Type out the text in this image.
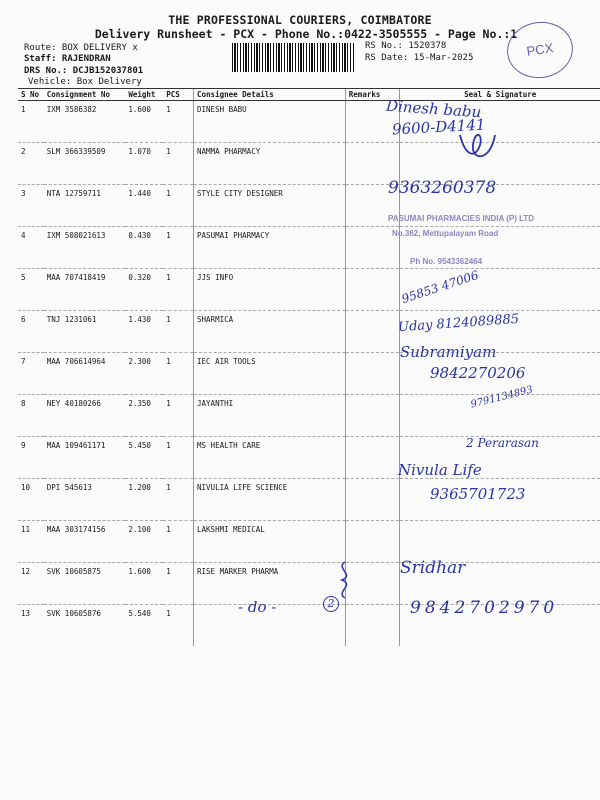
THE PROFESSIONAL COURIERS, COIMBATORE
Delivery Runsheet - PCX - Phone No.:0422-3505555 - Page No.:1
Route: BOX DELIVERY x
Staff: RAJENDRAN
DRS No.: DCJB152037801
Vehicle: Box Delivery
RS No.: 1520378
RS Date: 15-Mar-2025	PCX
S No	Consignment No	Weight	PCS	Consignee Details	Remarks	Seal & Signature
1	IXM 3586382	1.600	1	DINESH BABU		
2	SLM 366339509	1.070	1	NAMMA PHARMACY		
3	NTA 12759711	1.440	1	STYLE CITY DESIGNER		
4	IXM 508021613	0.430	1	PASUMAI PHARMACY		
5	MAA 707418419	0.320	1	JJS INFO		
6	TNJ 1231061	1.430	1	SHARMICA		
7	MAA 706614964	2.300	1	IEC AIR TOOLS		
8	NEY 40180266	2.350	1	JAYANTHI		
9	MAA 109461171	5.450	1	MS HEALTH CARE		
10	DPI 545613	1.200	1	NIVULIA LIFE SCIENCE		
11	MAA 303174156	2.100	1	LAKSHMI MEDICAL		
12	SVK 10605875	1.600	1	RISE MARKER PHARMA		
13	SVK 10605876	5.540	1			
Dinesh babu
9600-D4141
9363260378
PASUMAI PHARMACIES INDIA (P) LTD
No.362, Mettupalayam Road
Ph No. 9543362464
95853 47006
Uday 8124089885
Subramiyam
9842270206
9791134893
2 Perarasan
Nivula Life
9365701723
Sridhar
- do -	2	9842702970
